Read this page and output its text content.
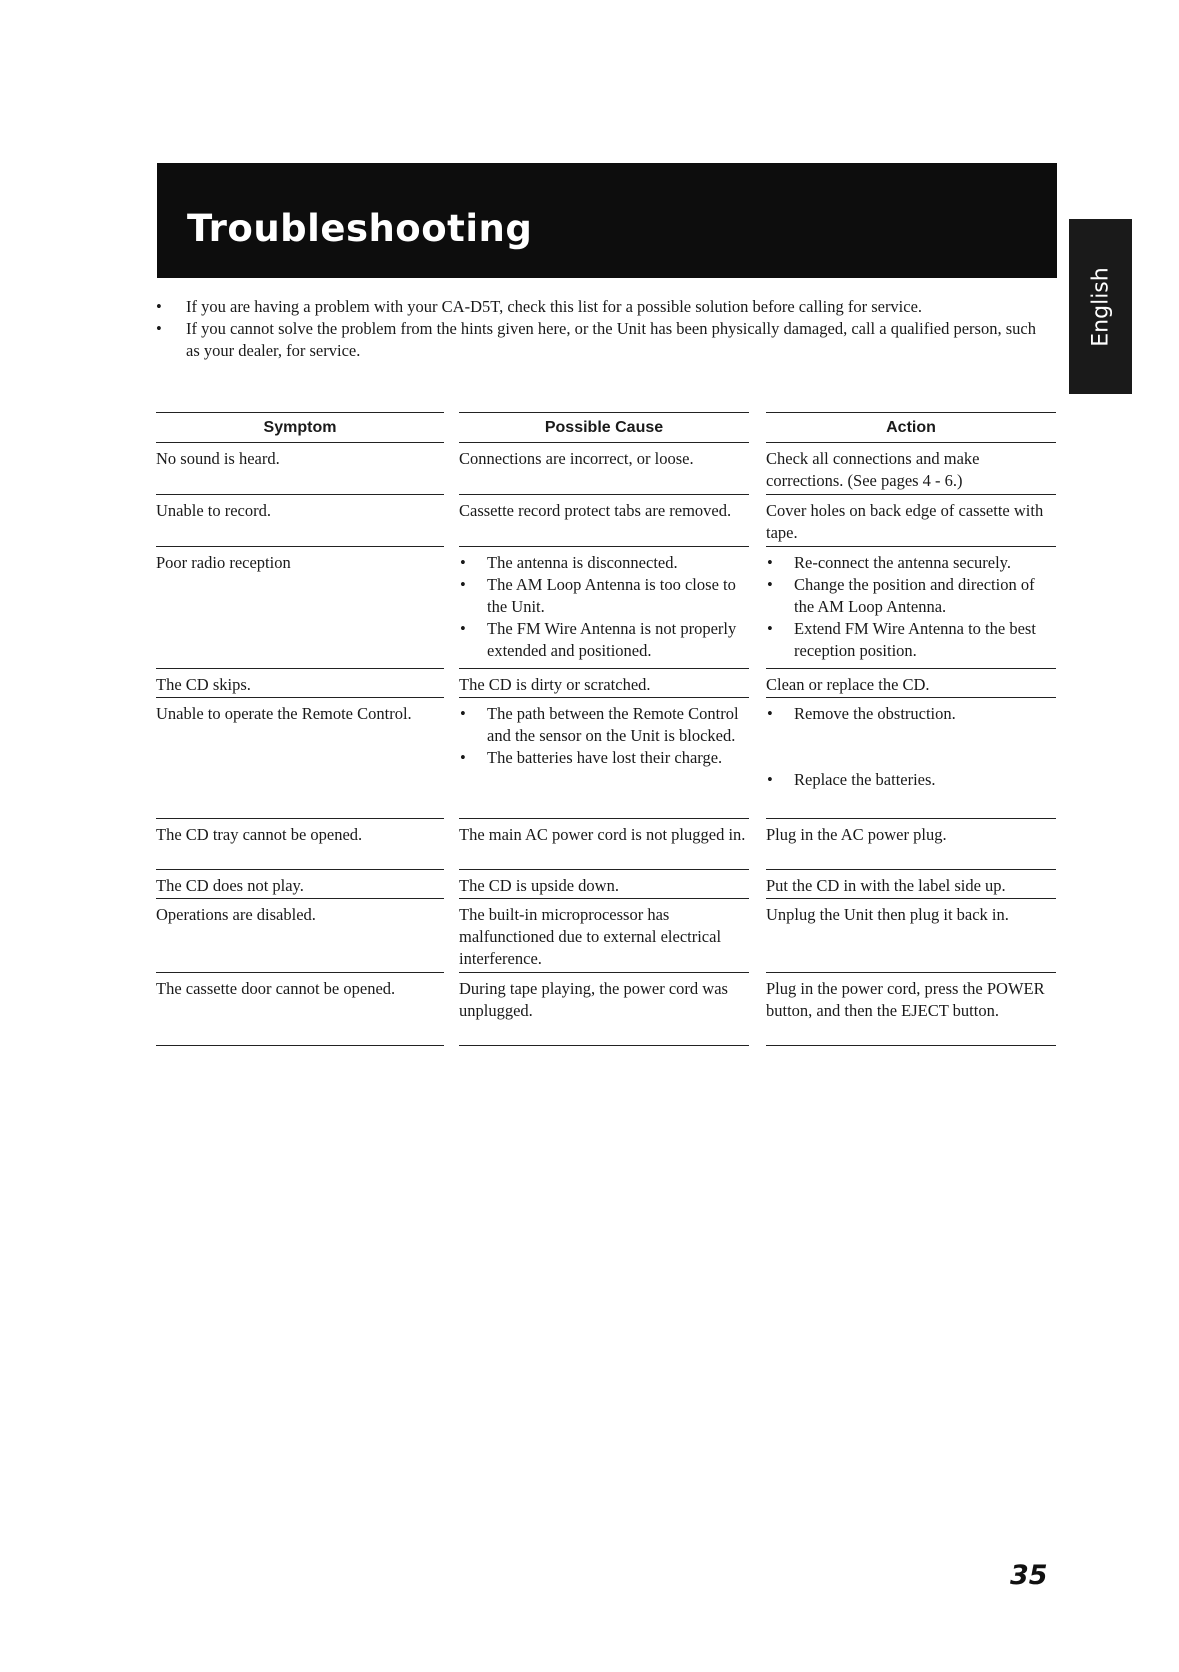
Troubleshooting
English
• If you are having a problem with your CA-D5T, check this list for a possible solution before calling for service.
• If you cannot solve the problem from the hints given here, or the Unit has been physically damaged, call a qualified person, such as your dealer, for service.
Symptom

No sound is heard.

Unable to record.

Poor radio reception

The CD skips.

Unable to operate the Remote Control.

The CD tray cannot be opened.

The CD does not play.

Operations are disabled.

The cassette door cannot be opened.

Possible Cause

Connections are incorrect, or loose.

Cassette record protect tabs are removed.

• The antenna is disconnected.
• The AM Loop Antenna is too close to the Unit.
• The FM Wire Antenna is not properly extended and positioned.

The CD is dirty or scratched.

• The path between the Remote Control and the sensor on the Unit is blocked.
• The batteries have lost their charge.

The main AC power cord is not plugged in.

The CD is upside down.

The built-in microprocessor has malfunctioned due to external electrical interference.

During tape playing, the power cord was unplugged.

Action

Check all connections and make corrections. (See pages 4 - 6.)

Cover holes on back edge of cassette with tape.

• Re-connect the antenna securely.
• Change the position and direction of the AM Loop Antenna.
• Extend FM Wire Antenna to the best reception position.

Clean or replace the CD.

• Remove the obstruction.
• Replace the batteries.

Plug in the AC power plug.

Put the CD in with the label side up.

Unplug the Unit then plug it back in.

Plug in the power cord, press the POWER button, and then the EJECT button.

35
